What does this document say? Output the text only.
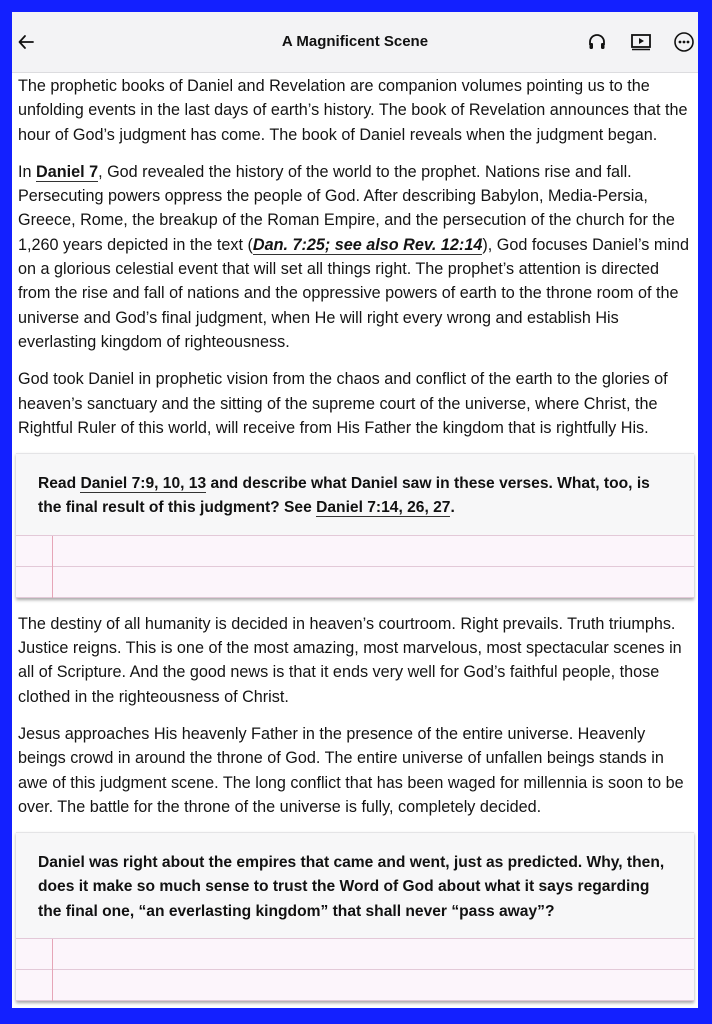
A Magnificent Scene

The prophetic books of Daniel and Revelation are companion volumes pointing us to the unfolding events in the last days of earth’s history. The book of Revelation announces that the hour of God’s judgment has come. The book of Daniel reveals when the judgment began.

In Daniel 7, God revealed the history of the world to the prophet. Nations rise and fall. Persecuting powers oppress the people of God. After describing Babylon, Media-Persia, Greece, Rome, the breakup of the Roman Empire, and the persecution of the church for the 1,260 years depicted in the text (Dan. 7:25; see also Rev. 12:14), God focuses Daniel’s mind on a glorious celestial event that will set all things right. The prophet’s attention is directed from the rise and fall of nations and the oppressive powers of earth to the throne room of the universe and God’s final judgment, when He will right every wrong and establish His everlasting kingdom of righteousness.

God took Daniel in prophetic vision from the chaos and conflict of the earth to the glories of heaven’s sanctuary and the sitting of the supreme court of the universe, where Christ, the Rightful Ruler of this world, will receive from His Father the kingdom that is rightfully His.

Read Daniel 7:9, 10, 13 and describe what Daniel saw in these verses. What, too, is the final result of this judgment? See Daniel 7:14, 26, 27.

The destiny of all humanity is decided in heaven’s courtroom. Right prevails. Truth triumphs. Justice reigns. This is one of the most amazing, most marvelous, most spectacular scenes in all of Scripture. And the good news is that it ends very well for God’s faithful people, those clothed in the righteousness of Christ.

Jesus approaches His heavenly Father in the presence of the entire universe. Heavenly beings crowd in around the throne of God. The entire universe of unfallen beings stands in awe of this judgment scene. The long conflict that has been waged for millennia is soon to be over. The battle for the throne of the universe is fully, completely decided.

Daniel was right about the empires that came and went, just as predicted. Why, then, does it make so much sense to trust the Word of God about what it says regarding the final one, “an everlasting kingdom” that shall never “pass away”?
